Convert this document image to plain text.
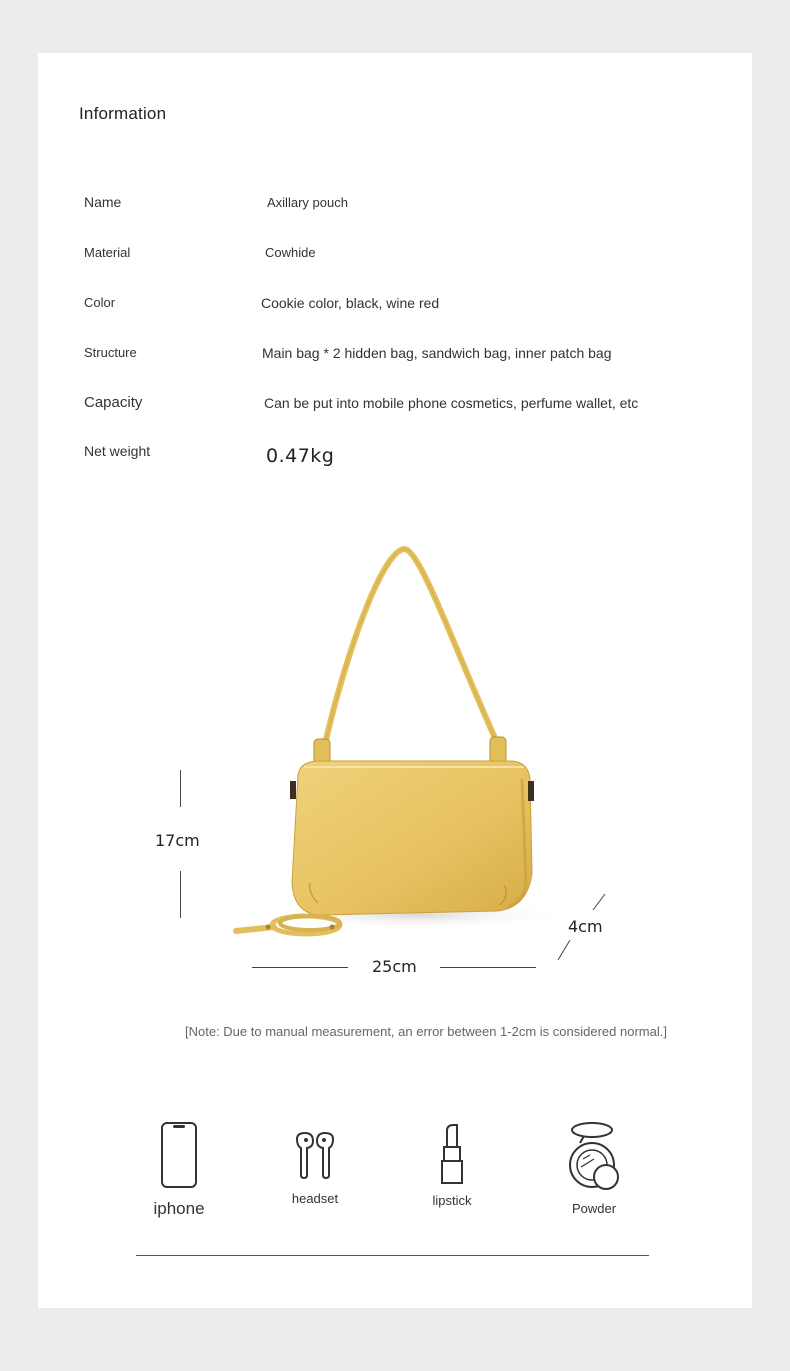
Information
Name	Axillary pouch
Material	Cowhide
Color	Cookie color, black, wine red
Structure	Main bag * 2 hidden bag, sandwich bag, inner patch bag
Capacity	Can be put into mobile phone cosmetics, perfume wallet, etc
Net weight	0.47kg
17cm
4cm
25cm
[Note: Due to manual measurement, an error between 1-2cm is considered normal.]
iphone
headset	lipstick
Powder
